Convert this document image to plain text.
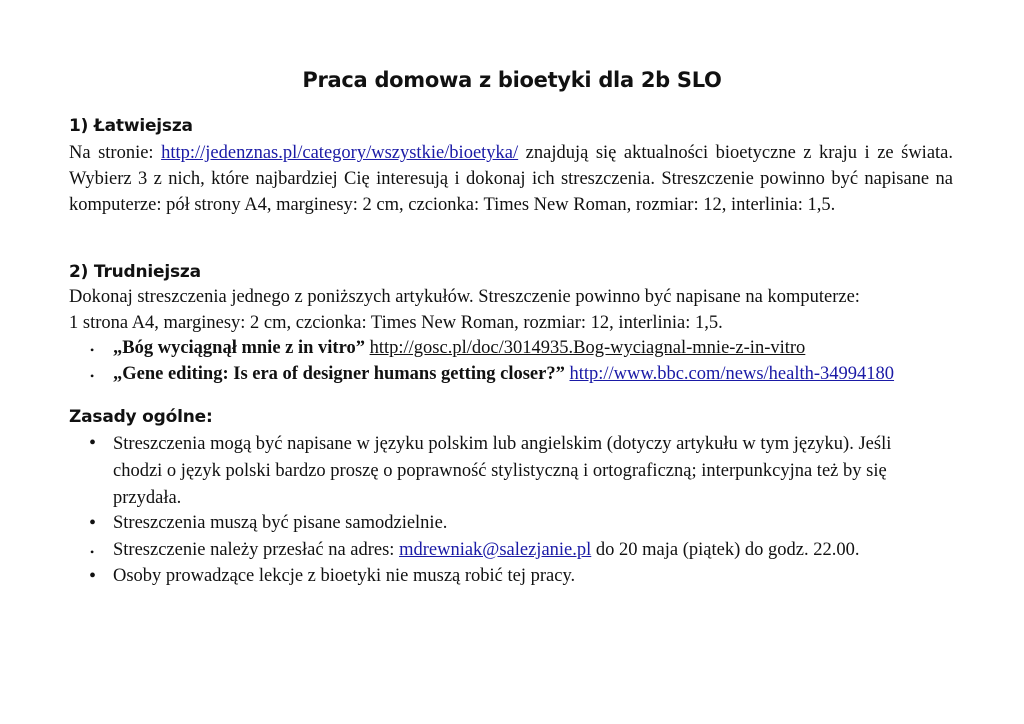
Praca domowa z bioetyki dla 2b SLO
1) Łatwiejsza
Na stronie: http://jedenznas.pl/category/wszystkie/bioetyka/ znajdują się aktualności bioetyczne z kraju i ze świata. Wybierz 3 z nich, które najbardziej Cię interesują i dokonaj ich streszczenia. Streszczenie powinno być napisane na komputerze: pół strony A4, marginesy: 2 cm, czcionka: Times New Roman, rozmiar: 12, interlinia: 1,5.
2) Trudniejsza
Dokonaj streszczenia jednego z poniższych artykułów. Streszczenie powinno być napisane na komputerze:
1 strona A4, marginesy: 2 cm, czcionka: Times New Roman, rozmiar: 12, interlinia: 1,5.
• „Bóg wyciągnął mnie z in vitro” http://gosc.pl/doc/3014935.Bog-wyciagnal-mnie-z-in-vitro
• „Gene editing: Is era of designer humans getting closer?” http://www.bbc.com/news/health-34994180
Zasady ogólne:
• Streszczenia mogą być napisane w języku polskim lub angielskim (dotyczy artykułu w tym języku). Jeśli chodzi o język polski bardzo proszę o poprawność stylistyczną i ortograficzną; interpunkcyjna też by się przydała.
• Streszczenia muszą być pisane samodzielnie.
• Streszczenie należy przesłać na adres: mdrewniak@salezjanie.pl do 20 maja (piątek) do godz. 22.00.
• Osoby prowadzące lekcje z bioetyki nie muszą robić tej pracy.
